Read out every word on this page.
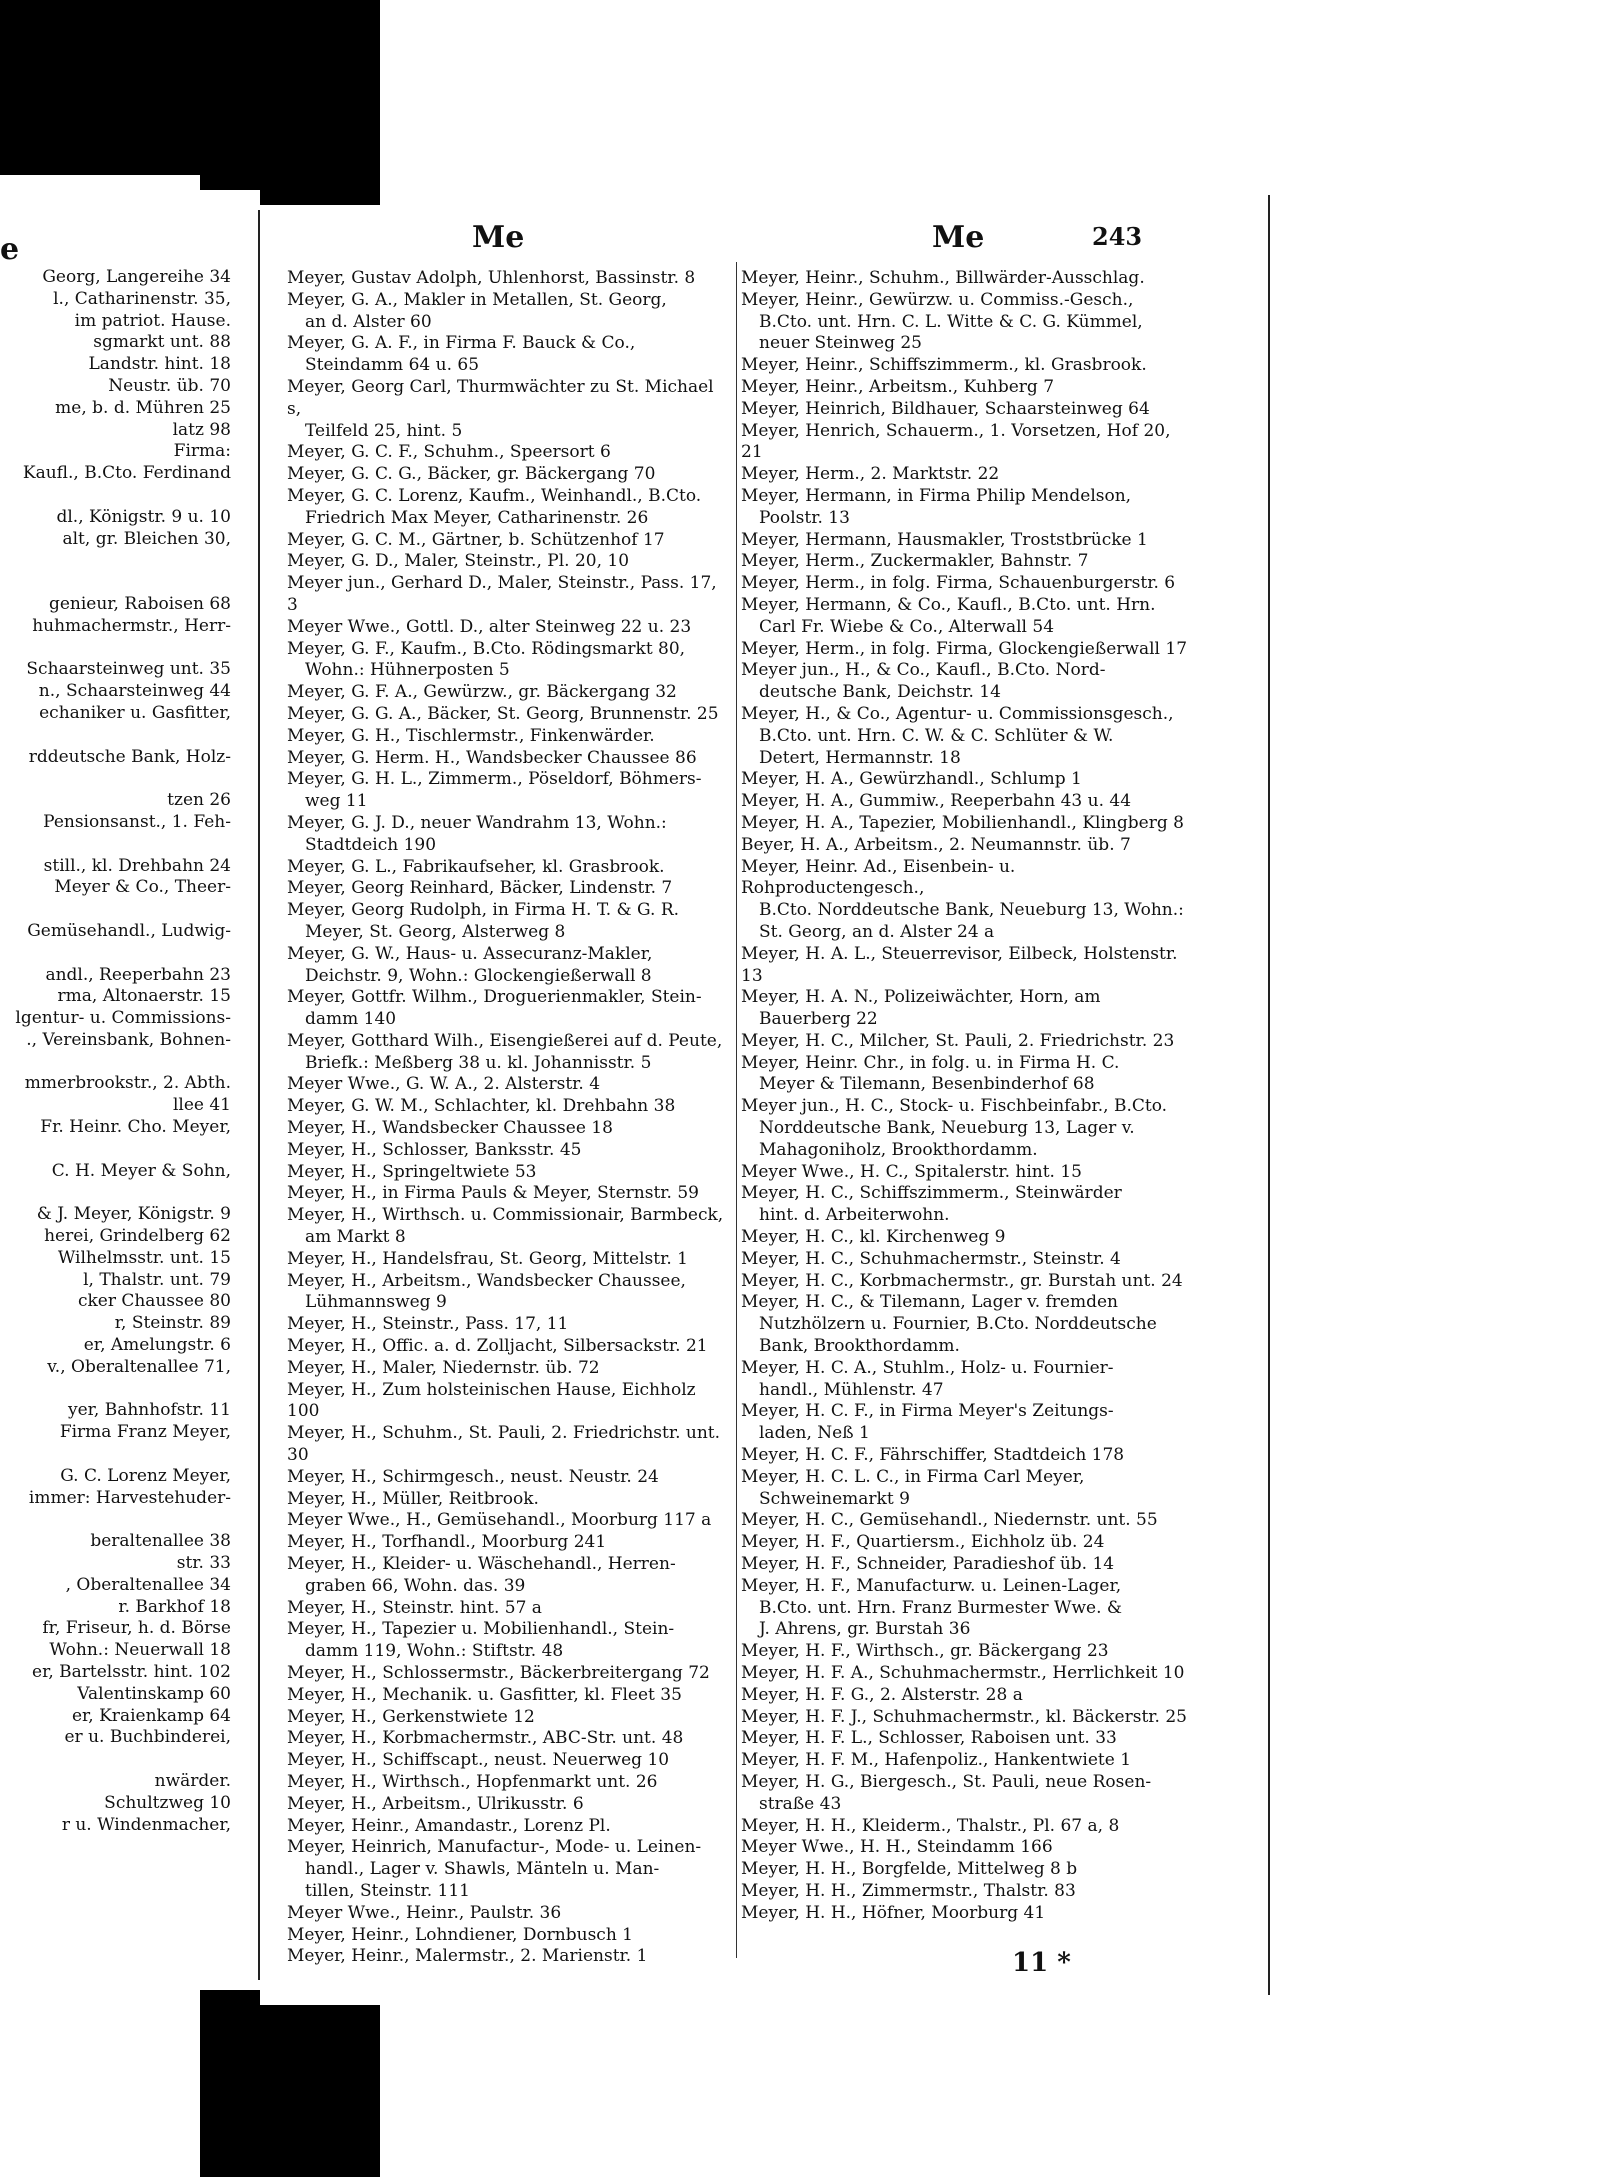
e
Georg, Langereihe 34
l., Catharinenstr. 35,
im patriot. Hause.
sgmarkt unt. 88
Landstr. hint. 18
Neustr. üb. 70
me, b. d. Mühren 25
latz 98
Firma:
Kaufl., B.Cto. Ferdinand

dl., Königstr. 9 u. 10
alt, gr. Bleichen 30,

genieur, Raboisen 68
huhmachermstr., Herr-

Schaarsteinweg unt. 35
n., Schaarsteinweg 44
echaniker u. Gasfitter,

rddeutsche Bank, Holz-

tzen 26
Pensionsanst., 1. Feh-

still., kl. Drehbahn 24
Meyer & Co., Theer-

Gemüsehandl., Ludwig-

andl., Reeperbahn 23
rma, Altonaerstr. 15
lgentur- u. Commissions-
., Vereinsbank, Bohnen-

mmerbrookstr., 2. Abth.
llee 41
Fr. Heinr. Cho. Meyer,

C. H. Meyer & Sohn,

& J. Meyer, Königstr. 9
herei, Grindelberg 62
Wilhelmsstr. unt. 15
l, Thalstr. unt. 79
cker Chaussee 80
r, Steinstr. 89
er, Amelungstr. 6
v., Oberaltenallee 71,

yer, Bahnhofstr. 11
Firma Franz Meyer,

G. C. Lorenz Meyer,
immer: Harvestehuder-

beraltenallee 38
str. 33
, Oberaltenallee 34
r. Barkhof 18
fr, Friseur, h. d. Börse
Wohn.: Neuerwall 18
er, Bartelsstr. hint. 102
Valentinskamp 60
er, Kraienkamp 64
er u. Buchbinderei,

nwärder.
Schultzweg 10
r u. Windenmacher,
Me	Me	243
Meyer, Gustav Adolph, Uhlenhorst, Bassinstr. 8
Meyer, G. A., Makler in Metallen, St. Georg,
an d. Alster 60
Meyer, G. A. F., in Firma F. Bauck & Co.,
Steindamm 64 u. 65
Meyer, Georg Carl, Thurmwächter zu St. Michael s,
Teilfeld 25, hint. 5
Meyer, G. C. F., Schuhm., Speersort 6
Meyer, G. C. G., Bäcker, gr. Bäckergang 70
Meyer, G. C. Lorenz, Kaufm., Weinhandl., B.Cto.
Friedrich Max Meyer, Catharinenstr. 26
Meyer, G. C. M., Gärtner, b. Schützenhof 17
Meyer, G. D., Maler, Steinstr., Pl. 20, 10
Meyer jun., Gerhard D., Maler, Steinstr., Pass. 17, 3
Meyer Wwe., Gottl. D., alter Steinweg 22 u. 23
Meyer, G. F., Kaufm., B.Cto. Rödingsmarkt 80,
Wohn.: Hühnerposten 5
Meyer, G. F. A., Gewürzw., gr. Bäckergang 32
Meyer, G. G. A., Bäcker, St. Georg, Brunnenstr. 25
Meyer, G. H., Tischlermstr., Finkenwärder.
Meyer, G. Herm. H., Wandsbecker Chaussee 86
Meyer, G. H. L., Zimmerm., Pöseldorf, Böhmers-
weg 11
Meyer, G. J. D., neuer Wandrahm 13, Wohn.:
Stadtdeich 190
Meyer, G. L., Fabrikaufseher, kl. Grasbrook.
Meyer, Georg Reinhard, Bäcker, Lindenstr. 7
Meyer, Georg Rudolph, in Firma H. T. & G. R.
Meyer, St. Georg, Alsterweg 8
Meyer, G. W., Haus- u. Assecuranz-Makler,
Deichstr. 9, Wohn.: Glockengießerwall 8
Meyer, Gottfr. Wilhm., Droguerienmakler, Stein-
damm 140
Meyer, Gotthard Wilh., Eisengießerei auf d. Peute,
Briefk.: Meßberg 38 u. kl. Johannisstr. 5
Meyer Wwe., G. W. A., 2. Alsterstr. 4
Meyer, G. W. M., Schlachter, kl. Drehbahn 38
Meyer, H., Wandsbecker Chaussee 18
Meyer, H., Schlosser, Banksstr. 45
Meyer, H., Springeltwiete 53
Meyer, H., in Firma Pauls & Meyer, Sternstr. 59
Meyer, H., Wirthsch. u. Commissionair, Barmbeck,
am Markt 8
Meyer, H., Handelsfrau, St. Georg, Mittelstr. 1
Meyer, H., Arbeitsm., Wandsbecker Chaussee,
Lühmannsweg 9
Meyer, H., Steinstr., Pass. 17, 11
Meyer, H., Offic. a. d. Zolljacht, Silbersackstr. 21
Meyer, H., Maler, Niedernstr. üb. 72
Meyer, H., Zum holsteinischen Hause, Eichholz 100
Meyer, H., Schuhm., St. Pauli, 2. Friedrichstr. unt. 30
Meyer, H., Schirmgesch., neust. Neustr. 24
Meyer, H., Müller, Reitbrook.
Meyer Wwe., H., Gemüsehandl., Moorburg 117 a
Meyer, H., Torfhandl., Moorburg 241
Meyer, H., Kleider- u. Wäschehandl., Herren-
graben 66, Wohn. das. 39
Meyer, H., Steinstr. hint. 57 a
Meyer, H., Tapezier u. Mobilienhandl., Stein-
damm 119, Wohn.: Stiftstr. 48
Meyer, H., Schlossermstr., Bäckerbreitergang 72
Meyer, H., Mechanik. u. Gasfitter, kl. Fleet 35
Meyer, H., Gerkenstwiete 12
Meyer, H., Korbmachermstr., ABC-Str. unt. 48
Meyer, H., Schiffscapt., neust. Neuerweg 10
Meyer, H., Wirthsch., Hopfenmarkt unt. 26
Meyer, H., Arbeitsm., Ulrikusstr. 6
Meyer, Heinr., Amandastr., Lorenz Pl.
Meyer, Heinrich, Manufactur-, Mode- u. Leinen-
handl., Lager v. Shawls, Mänteln u. Man-
tillen, Steinstr. 111
Meyer Wwe., Heinr., Paulstr. 36
Meyer, Heinr., Lohndiener, Dornbusch 1
Meyer, Heinr., Malermstr., 2. Marienstr. 1
Meyer, Heinr., Schuhm., Billwärder-Ausschlag.
Meyer, Heinr., Gewürzw. u. Commiss.-Gesch.,
B.Cto. unt. Hrn. C. L. Witte & C. G. Kümmel,
neuer Steinweg 25
Meyer, Heinr., Schiffszimmerm., kl. Grasbrook.
Meyer, Heinr., Arbeitsm., Kuhberg 7
Meyer, Heinrich, Bildhauer, Schaarsteinweg 64
Meyer, Henrich, Schauerm., 1. Vorsetzen, Hof 20, 21
Meyer, Herm., 2. Marktstr. 22
Meyer, Hermann, in Firma Philip Mendelson,
Poolstr. 13
Meyer, Hermann, Hausmakler, Troststbrücke 1
Meyer, Herm., Zuckermakler, Bahnstr. 7
Meyer, Herm., in folg. Firma, Schauenburgerstr. 6
Meyer, Hermann, & Co., Kaufl., B.Cto. unt. Hrn.
Carl Fr. Wiebe & Co., Alterwall 54
Meyer, Herm., in folg. Firma, Glockengießerwall 17
Meyer jun., H., & Co., Kaufl., B.Cto. Nord-
deutsche Bank, Deichstr. 14
Meyer, H., & Co., Agentur- u. Commissionsgesch.,
B.Cto. unt. Hrn. C. W. & C. Schlüter & W.
Detert, Hermannstr. 18
Meyer, H. A., Gewürzhandl., Schlump 1
Meyer, H. A., Gummiw., Reeperbahn 43 u. 44
Meyer, H. A., Tapezier, Mobilienhandl., Klingberg 8
Beyer, H. A., Arbeitsm., 2. Neumannstr. üb. 7
Meyer, Heinr. Ad., Eisenbein- u. Rohproductengesch.,
B.Cto. Norddeutsche Bank, Neueburg 13, Wohn.:
St. Georg, an d. Alster 24 a
Meyer, H. A. L., Steuerrevisor, Eilbeck, Holstenstr. 13
Meyer, H. A. N., Polizeiwächter, Horn, am
Bauerberg 22
Meyer, H. C., Milcher, St. Pauli, 2. Friedrichstr. 23
Meyer, Heinr. Chr., in folg. u. in Firma H. C.
Meyer & Tilemann, Besenbinderhof 68
Meyer jun., H. C., Stock- u. Fischbeinfabr., B.Cto.
Norddeutsche Bank, Neueburg 13, Lager v.
Mahagoniholz, Brookthordamm.
Meyer Wwe., H. C., Spitalerstr. hint. 15
Meyer, H. C., Schiffszimmerm., Steinwärder
hint. d. Arbeiterwohn.
Meyer, H. C., kl. Kirchenweg 9
Meyer, H. C., Schuhmachermstr., Steinstr. 4
Meyer, H. C., Korbmachermstr., gr. Burstah unt. 24
Meyer, H. C., & Tilemann, Lager v. fremden
Nutzhölzern u. Fournier, B.Cto. Norddeutsche
Bank, Brookthordamm.
Meyer, H. C. A., Stuhlm., Holz- u. Fournier-
handl., Mühlenstr. 47
Meyer, H. C. F., in Firma Meyer's Zeitungs-
laden, Neß 1
Meyer, H. C. F., Fährschiffer, Stadtdeich 178
Meyer, H. C. L. C., in Firma Carl Meyer,
Schweinemarkt 9
Meyer, H. C., Gemüsehandl., Niedernstr. unt. 55
Meyer, H. F., Quartiersm., Eichholz üb. 24
Meyer, H. F., Schneider, Paradieshof üb. 14
Meyer, H. F., Manufacturw. u. Leinen-Lager,
B.Cto. unt. Hrn. Franz Burmester Wwe. &
J. Ahrens, gr. Burstah 36
Meyer, H. F., Wirthsch., gr. Bäckergang 23
Meyer, H. F. A., Schuhmachermstr., Herrlichkeit 10
Meyer, H. F. G., 2. Alsterstr. 28 a
Meyer, H. F. J., Schuhmachermstr., kl. Bäckerstr. 25
Meyer, H. F. L., Schlosser, Raboisen unt. 33
Meyer, H. F. M., Hafenpoliz., Hankentwiete 1
Meyer, H. G., Biergesch., St. Pauli, neue Rosen-
straße 43
Meyer, H. H., Kleiderm., Thalstr., Pl. 67 a, 8
Meyer Wwe., H. H., Steindamm 166
Meyer, H. H., Borgfelde, Mittelweg 8 b
Meyer, H. H., Zimmermstr., Thalstr. 83
Meyer, H. H., Höfner, Moorburg 41
11 *
